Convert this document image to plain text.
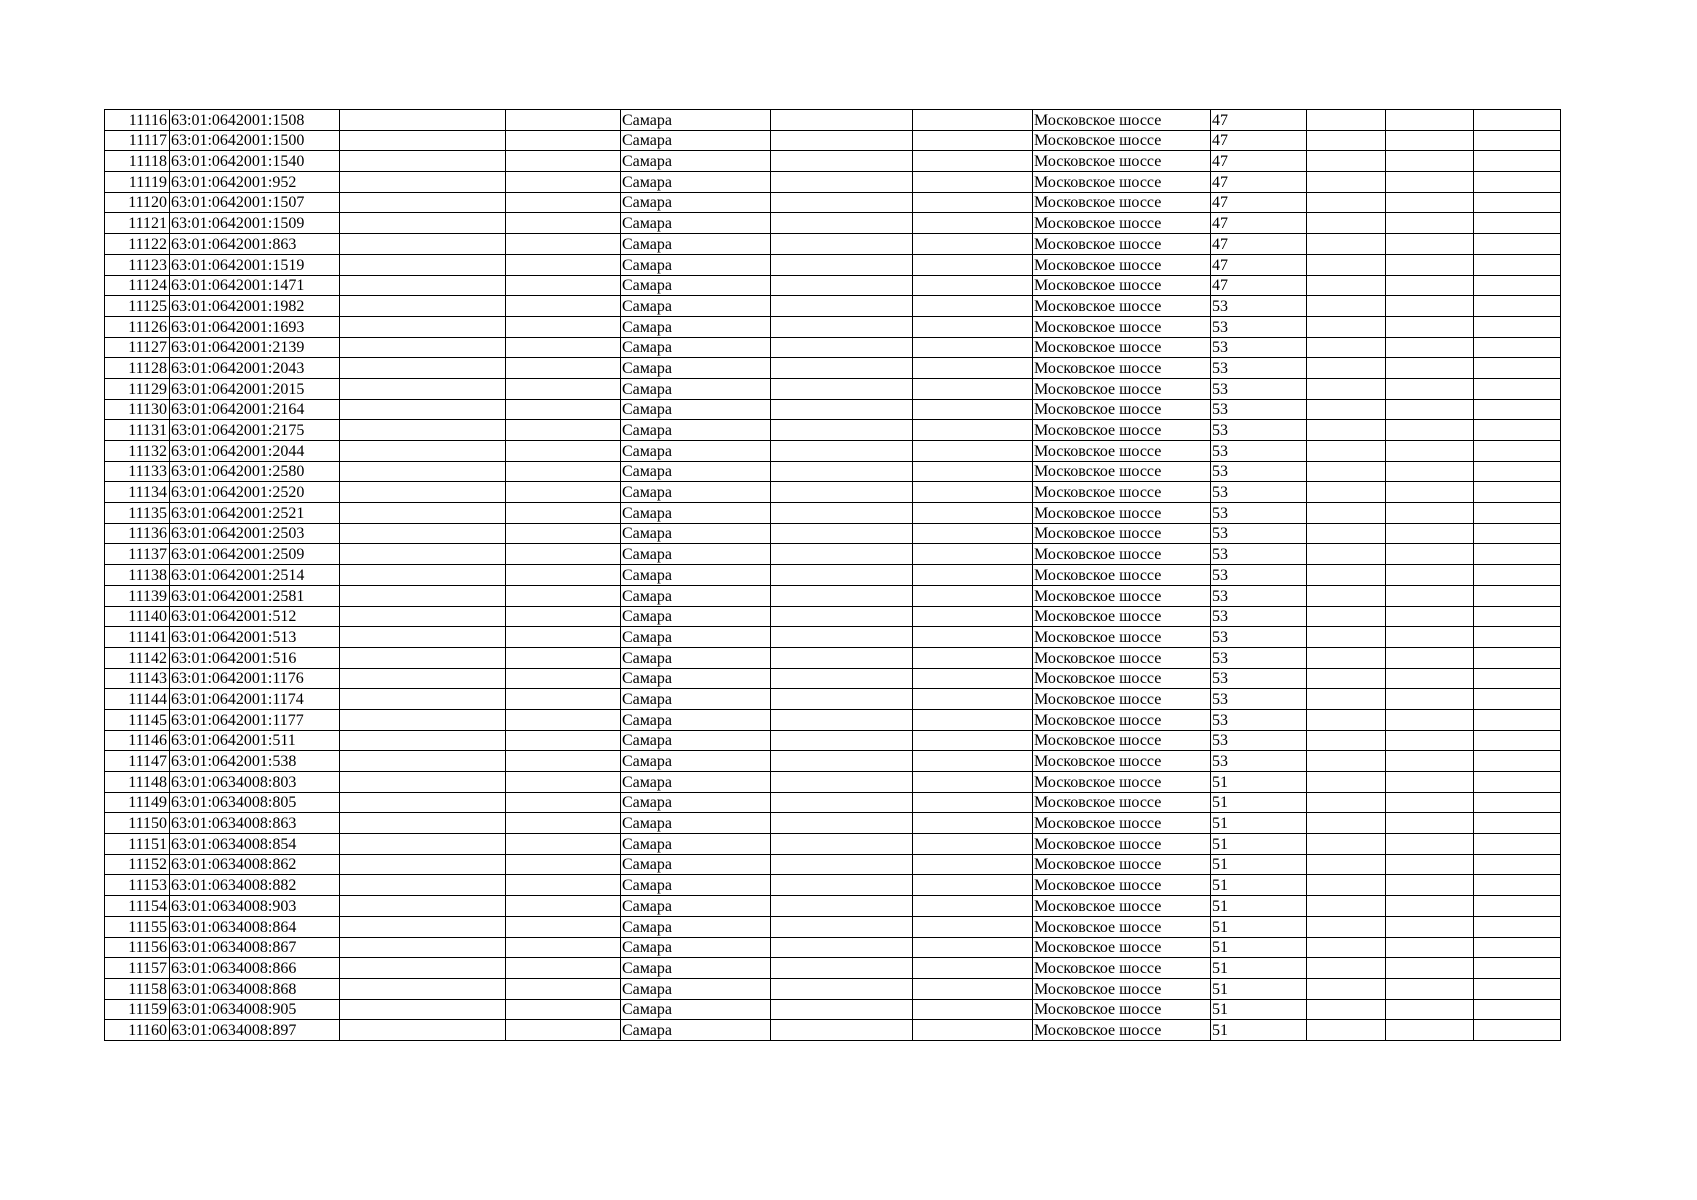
11116	63:01:0642001:1508			Самара			Московское шоссе	47			
11117	63:01:0642001:1500			Самара			Московское шоссе	47			
11118	63:01:0642001:1540			Самара			Московское шоссе	47			
11119	63:01:0642001:952			Самара			Московское шоссе	47			
11120	63:01:0642001:1507			Самара			Московское шоссе	47			
11121	63:01:0642001:1509			Самара			Московское шоссе	47			
11122	63:01:0642001:863			Самара			Московское шоссе	47			
11123	63:01:0642001:1519			Самара			Московское шоссе	47			
11124	63:01:0642001:1471			Самара			Московское шоссе	47			
11125	63:01:0642001:1982			Самара			Московское шоссе	53			
11126	63:01:0642001:1693			Самара			Московское шоссе	53			
11127	63:01:0642001:2139			Самара			Московское шоссе	53			
11128	63:01:0642001:2043			Самара			Московское шоссе	53			
11129	63:01:0642001:2015			Самара			Московское шоссе	53			
11130	63:01:0642001:2164			Самара			Московское шоссе	53			
11131	63:01:0642001:2175			Самара			Московское шоссе	53			
11132	63:01:0642001:2044			Самара			Московское шоссе	53			
11133	63:01:0642001:2580			Самара			Московское шоссе	53			
11134	63:01:0642001:2520			Самара			Московское шоссе	53			
11135	63:01:0642001:2521			Самара			Московское шоссе	53			
11136	63:01:0642001:2503			Самара			Московское шоссе	53			
11137	63:01:0642001:2509			Самара			Московское шоссе	53			
11138	63:01:0642001:2514			Самара			Московское шоссе	53			
11139	63:01:0642001:2581			Самара			Московское шоссе	53			
11140	63:01:0642001:512			Самара			Московское шоссе	53			
11141	63:01:0642001:513			Самара			Московское шоссе	53			
11142	63:01:0642001:516			Самара			Московское шоссе	53			
11143	63:01:0642001:1176			Самара			Московское шоссе	53			
11144	63:01:0642001:1174			Самара			Московское шоссе	53			
11145	63:01:0642001:1177			Самара			Московское шоссе	53			
11146	63:01:0642001:511			Самара			Московское шоссе	53			
11147	63:01:0642001:538			Самара			Московское шоссе	53			
11148	63:01:0634008:803			Самара			Московское шоссе	51			
11149	63:01:0634008:805			Самара			Московское шоссе	51			
11150	63:01:0634008:863			Самара			Московское шоссе	51			
11151	63:01:0634008:854			Самара			Московское шоссе	51			
11152	63:01:0634008:862			Самара			Московское шоссе	51			
11153	63:01:0634008:882			Самара			Московское шоссе	51			
11154	63:01:0634008:903			Самара			Московское шоссе	51			
11155	63:01:0634008:864			Самара			Московское шоссе	51			
11156	63:01:0634008:867			Самара			Московское шоссе	51			
11157	63:01:0634008:866			Самара			Московское шоссе	51			
11158	63:01:0634008:868			Самара			Московское шоссе	51			
11159	63:01:0634008:905			Самара			Московское шоссе	51			
11160	63:01:0634008:897			Самара			Московское шоссе	51			
